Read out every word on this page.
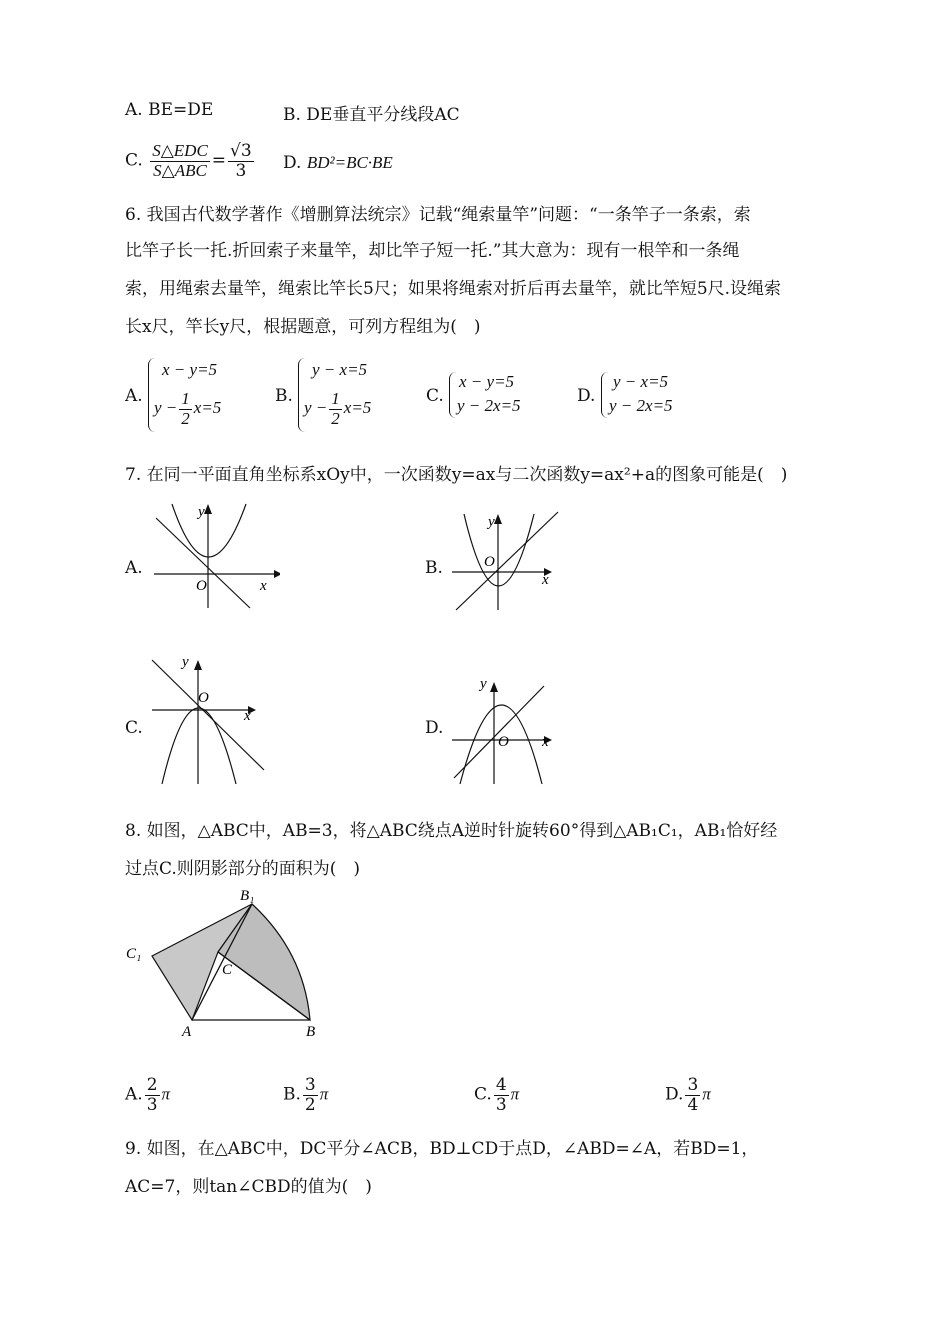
A. BE=DE	B. DE垂直平分线段AC
C. $\frac{\text{S△EDC}}{\text{S△ABC}} = \frac{√3}{3} D$. BD²=BC·BE
6. 我国古代数学著作《增删算法统宗》记载“绳索量竿”问题：“一条竿子一条索，索
比竿子长一托.折回索子来量竿，却比竿子短一托.”其大意为：现有一根竿和一条绳
索，用绳索去量竿，绳索比竿长5尺；如果将绳索对折后再去量竿，就比竿短5尺.设绳索
长x尺，竿长y尺，根据题意，可列方程组为(　)
A.
x − y=5
$y - \frac{1}{2} x=5$
B.
y − x=5
$y - \frac{1}{2} x=5$
C.
x − y=5
y − 2x=5	D.
y − x=5
y − 2x=5
7. 在同一平面直角坐标系xOy中，一次函数y=ax与二次函数y=ax²+a的图象可能是(　)
A.
y
x
O
B.
y
x
O
C.
y
x
O
D.
y
x
O
8. 如图，△ABC中，AB=3，将△ABC绕点A逆时针旋转60°得到△AB₁C₁，AB₁恰好经
过点C.则阴影部分的面积为(　)
B₁
C₁
C
A	B
A. $\frac{2}{3}$ π	B. $\frac{3}{2}$ π	C. $\frac{4}{3}$ π	D. $\frac{3}{4}$ π
9. 如图，在△ABC中，DC平分∠ACB，BD⊥CD于点D，∠ABD=∠A，若BD=1，
AC=7，则tan∠CBD的值为(　)
